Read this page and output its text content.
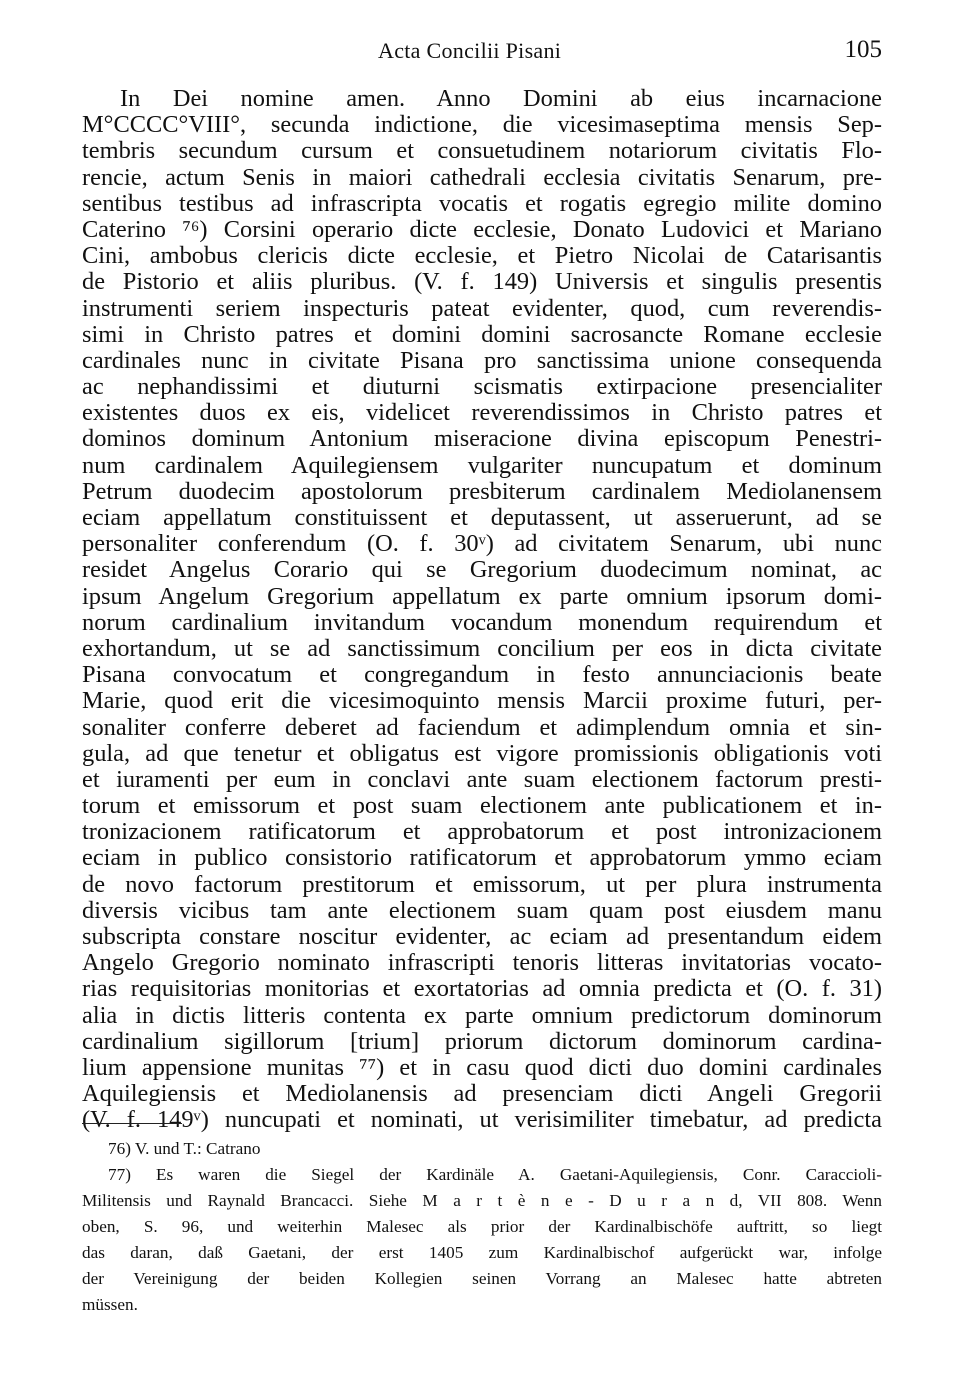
Acta Concilii Pisani	105
In Dei nomine amen. Anno Domini ab eius incarnacione
M°CCCC°VIII°, secunda indictione, die vicesimaseptima mensis Sep-
tembris secundum cursum et consuetudinem notariorum civitatis Flo-
rencie, actum Senis in maiori cathedrali ecclesia civitatis Senarum, pre-
sentibus testibus ad infrascripta vocatis et rogatis egregio milite domino
Caterino ⁷⁶) Corsini operario dicte ecclesie, Donato Ludovici et Mariano
Cini, ambobus clericis dicte ecclesie, et Pietro Nicolai de Catarisantis
de Pistorio et aliis pluribus. (V. f. 149) Universis et singulis presentis
instrumenti seriem inspecturis pateat evidenter, quod, cum reverendis-
simi in Christo patres et domini domini sacrosancte Romane ecclesie
cardinales nunc in civitate Pisana pro sanctissima unione consequenda
ac nephandissimi et diuturni scismatis extirpacione presencialiter
existentes duos ex eis, videlicet reverendissimos in Christo patres et
dominos dominum Antonium miseracione divina episcopum Penestri-
num cardinalem Aquilegiensem vulgariter nuncupatum et dominum
Petrum duodecim apostolorum presbiterum cardinalem Mediolanensem
eciam appellatum constituissent et deputassent, ut asseruerunt, ad se
personaliter conferendum (O. f. 30ᵛ) ad civitatem Senarum, ubi nunc
residet Angelus Corario qui se Gregorium duodecimum nominat, ac
ipsum Angelum Gregorium appellatum ex parte omnium ipsorum domi-
norum cardinalium invitandum vocandum monendum requirendum et
exhortandum, ut se ad sanctissimum concilium per eos in dicta civitate
Pisana convocatum et congregandum in festo annunciacionis beate
Marie, quod erit die vicesimoquinto mensis Marcii proxime futuri, per-
sonaliter conferre deberet ad faciendum et adimplendum omnia et sin-
gula, ad que tenetur et obligatus est vigore promissionis obligationis voti
et iuramenti per eum in conclavi ante suam electionem factorum presti-
torum et emissorum et post suam electionem ante publicationem et in-
tronizacionem ratificatorum et approbatorum et post intronizacionem
eciam in publico consistorio ratificatorum et approbatorum ymmo eciam
de novo factorum prestitorum et emissorum, ut per plura instrumenta
diversis vicibus tam ante electionem suam quam post eiusdem manu
subscripta constare noscitur evidenter, ac eciam ad presentandum eidem
Angelo Gregorio nominato infrascripti tenoris litteras invitatorias vocato-
rias requisitorias monitorias et exortatorias ad omnia predicta et (O. f. 31)
alia in dictis litteris contenta ex parte omnium predictorum dominorum
cardinalium sigillorum [trium] priorum dictorum dominorum cardina-
lium appensione munitas ⁷⁷) et in casu quod dicti duo domini cardinales
Aquilegiensis et Mediolanensis ad presenciam dicti Angeli Gregorii
(V. f. 149ᵛ) nuncupati et nominati, ut verisimiliter timebatur, ad predicta
76) V. und T.: Catrano
77) Es waren die Siegel der Kardinäle A. Gaetani-Aquilegiensis, Conr. Caraccioli-
Militensis und Raynald Brancacci. Siehe M a r t è n e - D u r a n d, VII 808. Wenn
oben, S. 96, und weiterhin Malesec als prior der Kardinalbischöfe auftritt, so liegt
das daran, daß Gaetani, der erst 1405 zum Kardinalbischof aufgerückt war, infolge
der Vereinigung der beiden Kollegien seinen Vorrang an Malesec hatte abtreten
müssen.
